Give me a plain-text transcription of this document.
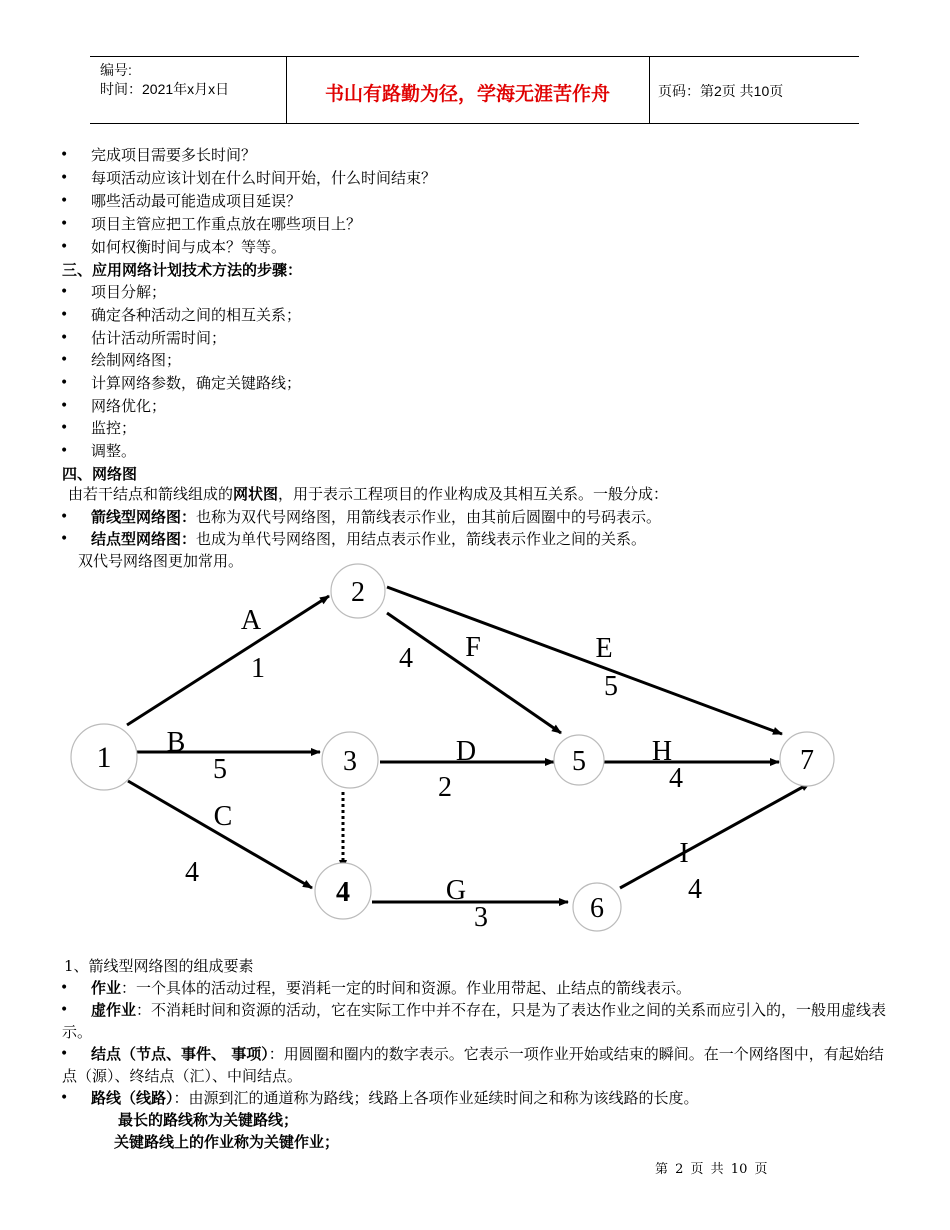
编号:
时间：2021年x月x日	书山有路勤为径，学海无涯苦作舟	页码：第2页 共10页
• 完成项目需要多长时间？
• 每项活动应该计划在什么时间开始，什么时间结束？
• 哪些活动最可能造成项目延误？
• 项目主管应把工作重点放在哪些项目上？
• 如何权衡时间与成本？等等。
三、应用网络计划技术方法的步骤：
• 项目分解；
• 确定各种活动之间的相互关系；
• 估计活动所需时间；
• 绘制网络图；
• 计算网络参数，确定关键路线；
• 网络优化；
• 监控；
• 调整。
四、网络图
由若干结点和箭线组成的网状图，用于表示工程项目的作业构成及其相互关系。一般分成：
• 箭线型网络图：也称为双代号网络图，用箭线表示作业，由其前后圆圈中的号码表示。
• 结点型网络图：也成为单代号网络图，用结点表示作业，箭线表示作业之间的关系。
双代号网络图更加常用。
1
2
3
4
5
6
7
A
1
B
5
C
4
D
2
E
5
F
4
G
3
H
4
I
4
1、箭线型网络图的组成要素
•	作业：一个具体的活动过程，要消耗一定的时间和资源。作业用带起、止结点的箭线表示。
•	虚作业：不消耗时间和资源的活动，它在实际工作中并不存在，只是为了表达作业之间的关系而应引入的，一般用虚线表示。
•	结点（节点、事件、 事项）：用圆圈和圈内的数字表示。它表示一项作业开始或结束的瞬间。在一个网络图中，有起始结点（源）、终结点（汇）、中间结点。
•	路线（线路）：由源到汇的通道称为路线；线路上各项作业延续时间之和称为该线路的长度。
最长的路线称为关键路线；
关键路线上的作业称为关键作业；
第 2 页 共 10 页
